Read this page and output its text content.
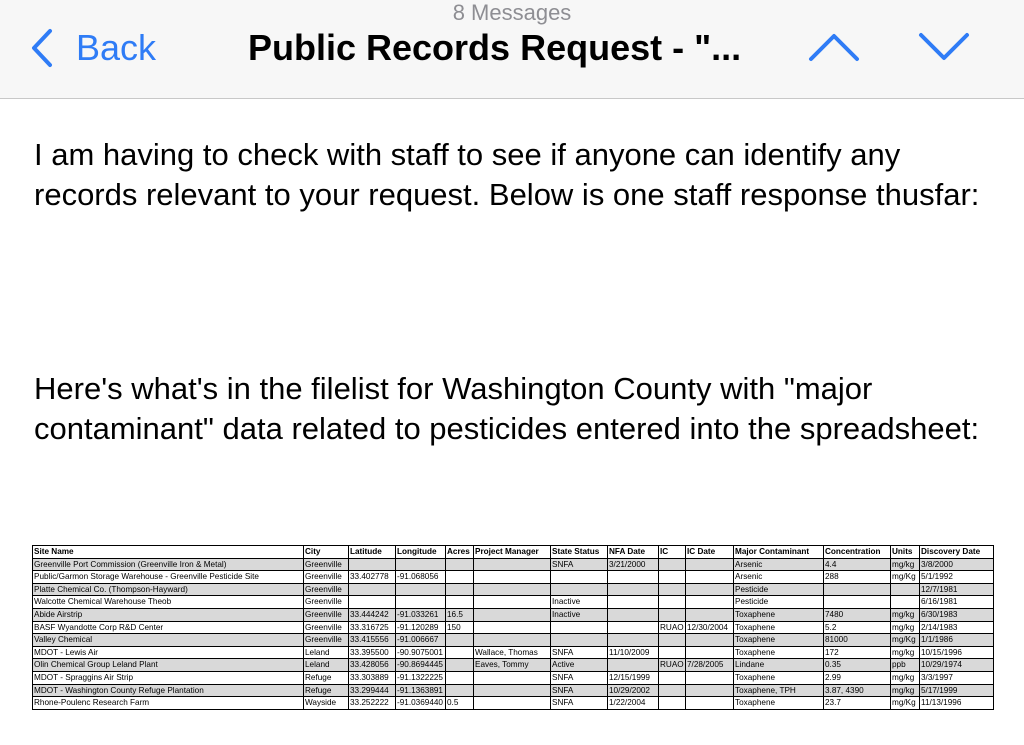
8 Messages
Back	Public Records Request - "...
I am having to check with staff to see if anyone can identify any records relevant to your request. Below is one staff response thusfar:
Here's what's in the filelist for Washington County with "major contaminant" data related to pesticides entered into the spreadsheet:
Site Name	City	Latitude	Longitude	Acres	Project Manager	State Status	NFA Date	IC	IC Date	Major Contaminant	Concentration	Units	Discovery Date
Greenville Port Commission (Greenville Iron & Metal)	Greenville					SNFA	3/21/2000			Arsenic	4.4	mg/kg	3/8/2000
Public/Garmon Storage Warehouse - Greenville Pesticide Site	Greenville	33.402778	-91.068056							Arsenic	288	mg/Kg	5/1/1992
Platte Chemical Co. (Thompson-Hayward)	Greenville									Pesticide			12/7/1981
Walcotte Chemical Warehouse Theob	Greenville					Inactive				Pesticide			6/16/1981
Abide Airstrip	Greenville	33.444242	-91.033261	16.5		Inactive				Toxaphene	7480	mg/kg	6/30/1983
BASF Wyandotte Corp R&D Center	Greenville	33.316725	-91.120289	150				RUAO	12/30/2004	Toxaphene	5.2	mg/kg	2/14/1983
Valley Chemical	Greenville	33.415556	-91.006667							Toxaphene	81000	mg/Kg	1/1/1986
MDOT - Lewis Air	Leland	33.395500	-90.9075001		Wallace, Thomas	SNFA	11/10/2009			Toxaphene	172	mg/kg	10/15/1996
Olin Chemical Group Leland Plant	Leland	33.428056	-90.8694445		Eaves, Tommy	Active		RUAO	7/28/2005	Lindane	0.35	ppb	10/29/1974
MDOT - Spraggins Air Strip	Refuge	33.303889	-91.1322225			SNFA	12/15/1999			Toxaphene	2.99	mg/kg	3/3/1997
MDOT - Washington County Refuge Plantation	Refuge	33.299444	-91.1363891			SNFA	10/29/2002			Toxaphene, TPH	3.87, 4390	mg/kg	5/17/1999
Rhone-Poulenc Research Farm	Wayside	33.252222	-91.0369440	0.5		SNFA	1/22/2004			Toxaphene	23.7	mg/Kg	11/13/1996
